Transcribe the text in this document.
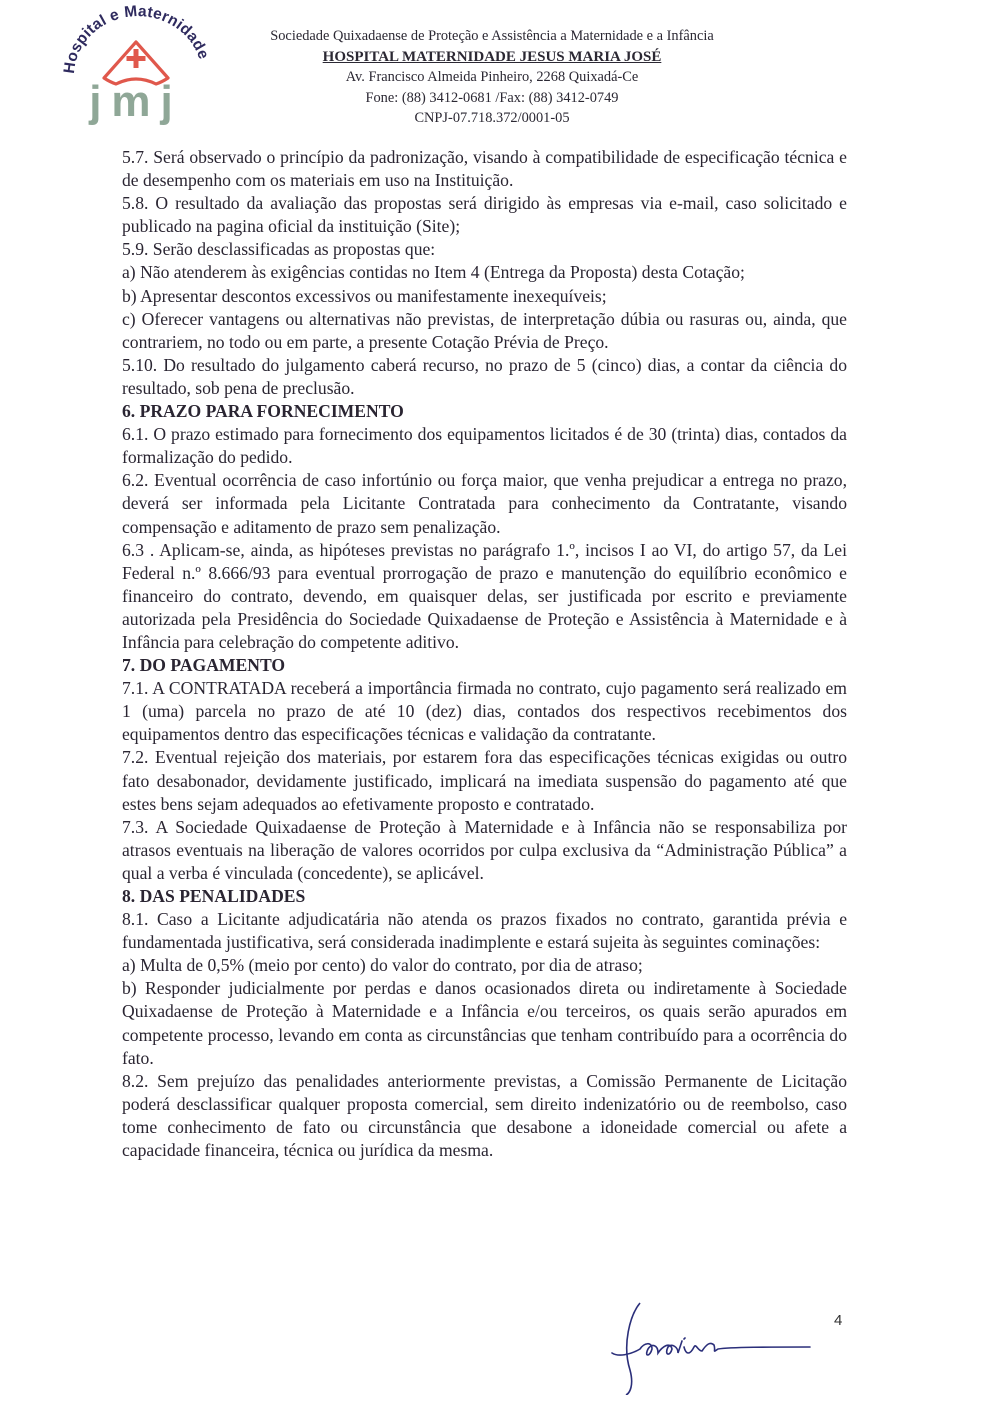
Hospital e Maternidade
jmj
Sociedade Quixadaense de Proteção e Assistência a Maternidade e a Infância
HOSPITAL MATERNIDADE JESUS MARIA JOSÉ
Av. Francisco Almeida Pinheiro, 2268 Quixadá-Ce
Fone: (88) 3412-0681 /Fax: (88) 3412-0749
CNPJ-07.718.372/0001-05
5.7. Será observado o princípio da padronização, visando à compatibilidade de especificação técnica e de desempenho com os materiais em uso na Instituição.
5.8. O resultado da avaliação das propostas será dirigido às empresas via e-mail, caso solicitado e publicado na pagina oficial da instituição (Site);
5.9. Serão desclassificadas as propostas que:
a) Não atenderem às exigências contidas no Item 4 (Entrega da Proposta) desta Cotação;
b) Apresentar descontos excessivos ou manifestamente inexequíveis;
c) Oferecer vantagens ou alternativas não previstas, de interpretação dúbia ou rasuras ou, ainda, que contrariem, no todo ou em parte, a presente Cotação Prévia de Preço.
5.10. Do resultado do julgamento caberá recurso, no prazo de 5 (cinco) dias, a contar da ciência do resultado, sob pena de preclusão.
6. PRAZO PARA FORNECIMENTO
6.1. O prazo estimado para fornecimento dos equipamentos licitados é de 30 (trinta) dias, contados da formalização do pedido.
6.2. Eventual ocorrência de caso infortúnio ou força maior, que venha prejudicar a entrega no prazo, deverá ser informada pela Licitante Contratada para conhecimento da Contratante, visando compensação e aditamento de prazo sem penalização.
6.3 . Aplicam-se, ainda, as hipóteses previstas no parágrafo 1.º, incisos I ao VI, do artigo 57, da Lei Federal n.º 8.666/93 para eventual prorrogação de prazo e manutenção do equilíbrio econômico e financeiro do contrato, devendo, em quaisquer delas, ser justificada por escrito e previamente autorizada pela Presidência do Sociedade Quixadaense de Proteção e Assistência à Maternidade e à Infância para celebração do competente aditivo.
7. DO PAGAMENTO
7.1. A CONTRATADA receberá a importância firmada no contrato, cujo pagamento será realizado em 1 (uma) parcela no prazo de até 10 (dez) dias, contados dos respectivos recebimentos dos equipamentos dentro das especificações técnicas e validação da contratante.
7.2. Eventual rejeição dos materiais, por estarem fora das especificações técnicas exigidas ou outro fato desabonador, devidamente justificado, implicará na imediata suspensão do pagamento até que estes bens sejam adequados ao efetivamente proposto e contratado.
7.3. A Sociedade Quixadaense de Proteção à Maternidade e à Infância não se responsabiliza por atrasos eventuais na liberação de valores ocorridos por culpa exclusiva da “Administração Pública” a qual a verba é vinculada (concedente), se aplicável.
8. DAS PENALIDADES
8.1. Caso a Licitante adjudicatária não atenda os prazos fixados no contrato, garantida prévia e fundamentada justificativa, será considerada inadimplente e estará sujeita às seguintes cominações:
a) Multa de 0,5% (meio por cento) do valor do contrato, por dia de atraso;
b) Responder judicialmente por perdas e danos ocasionados direta ou indiretamente à Sociedade Quixadaense de Proteção à Maternidade e a Infância e/ou terceiros, os quais serão apurados em competente processo, levando em conta as circunstâncias que tenham contribuído para a ocorrência do fato.
8.2. Sem prejuízo das penalidades anteriormente previstas, a Comissão Permanente de Licitação poderá desclassificar qualquer proposta comercial, sem direito indenizatório ou de reembolso, caso tome conhecimento de fato ou circunstância que desabone a idoneidade comercial ou afete a capacidade financeira, técnica ou jurídica da mesma.
4
